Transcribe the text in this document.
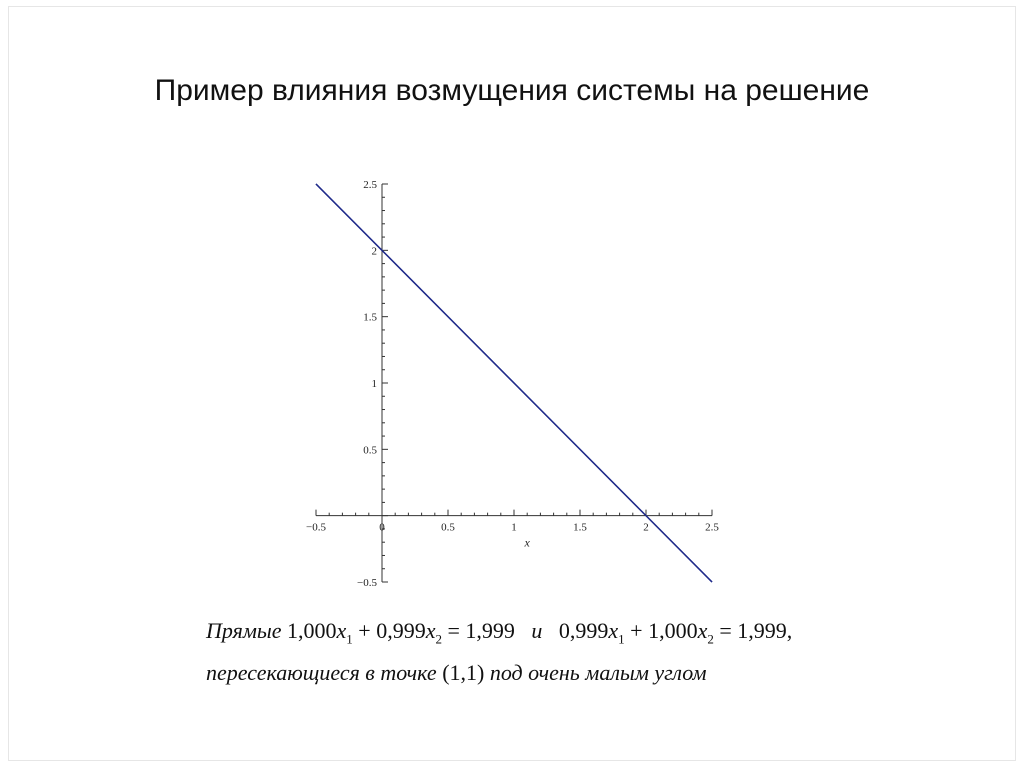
Пример влияния возмущения системы на решение
−0.5	0	0.5	1	1.5	2	2.5
−0.5
0.5
1
1.5
2
2.5
x
Прямые $1,000x_1 + 0,999x_2 = 1,999$ и $0,999x_1 + 1,000x_2 = 1,999$,
пересекающиеся в точке (1,1) под очень малым углом
